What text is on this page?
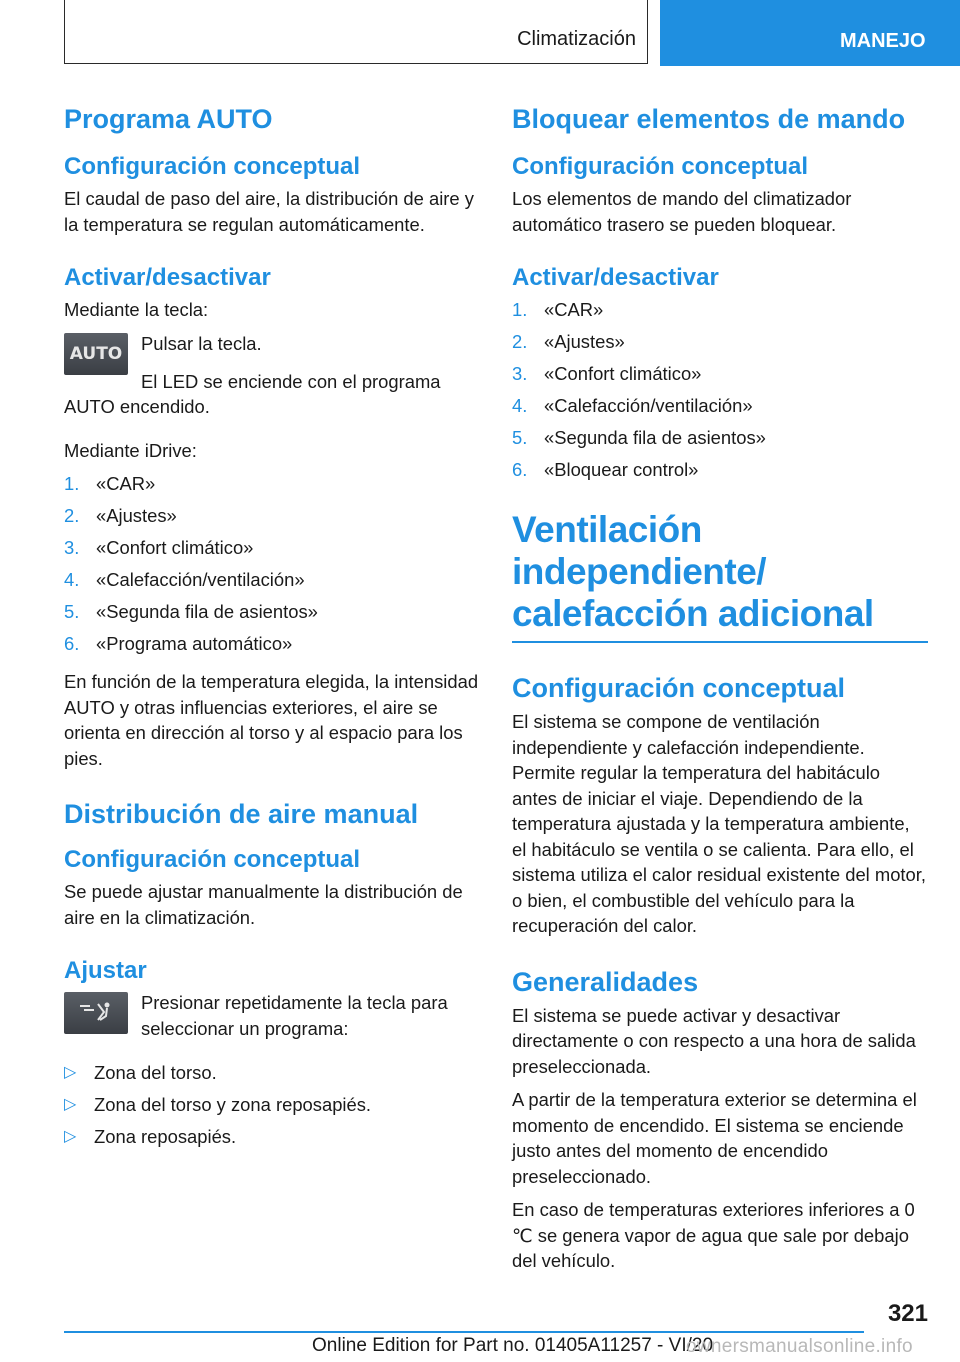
Climatización	MANEJO
Programa AUTO
Configuración conceptual
El caudal de paso del aire, la distribución de aire y la temperatura se regulan automáticamente.
Activar/desactivar
Mediante la tecla:
AUTO	Pulsar la tecla.
El LED se enciende con el programa AUTO encendido.
Mediante iDrive:
1. «CAR»
2. «Ajustes»
3. «Confort climático»
4. «Calefacción/ventilación»
5. «Segunda fila de asientos»
6. «Programa automático»
En función de la temperatura elegida, la intensidad AUTO y otras influencias exteriores, el aire se orienta en dirección al torso y al espacio para los pies.
Distribución de aire manual
Configuración conceptual
Se puede ajustar manualmente la distribución de aire en la climatización.
Ajustar
Presionar repetidamente la tecla para seleccionar un programa:
▷ Zona del torso.
▷ Zona del torso y zona reposapiés.
▷ Zona reposapiés.
Bloquear elementos de mando
Configuración conceptual
Los elementos de mando del climatizador automático trasero se pueden bloquear.
Activar/desactivar
1. «CAR»
2. «Ajustes»
3. «Confort climático»
4. «Calefacción/ventilación»
5. «Segunda fila de asientos»
6. «Bloquear control»
Ventilación independiente/ calefacción adicional
Configuración conceptual
El sistema se compone de ventilación independiente y calefacción independiente. Permite regular la temperatura del habitáculo antes de iniciar el viaje. Dependiendo de la temperatura ajustada y la temperatura ambiente, el habitáculo se ventila o se calienta. Para ello, el sistema utiliza el calor residual existente del motor, o bien, el combustible del vehículo para la recuperación del calor.
Generalidades
El sistema se puede activar y desactivar directamente o con respecto a una hora de salida preseleccionada.
A partir de la temperatura exterior se determina el momento de encendido. El sistema se enciende justo antes del momento de encendido preseleccionado.
En caso de temperaturas exteriores inferiores a 0 ℃ se genera vapor de agua que sale por debajo del vehículo.
321
Online Edition for Part no. 01405A11257 - VI/20
ownersmanualsonline.info
